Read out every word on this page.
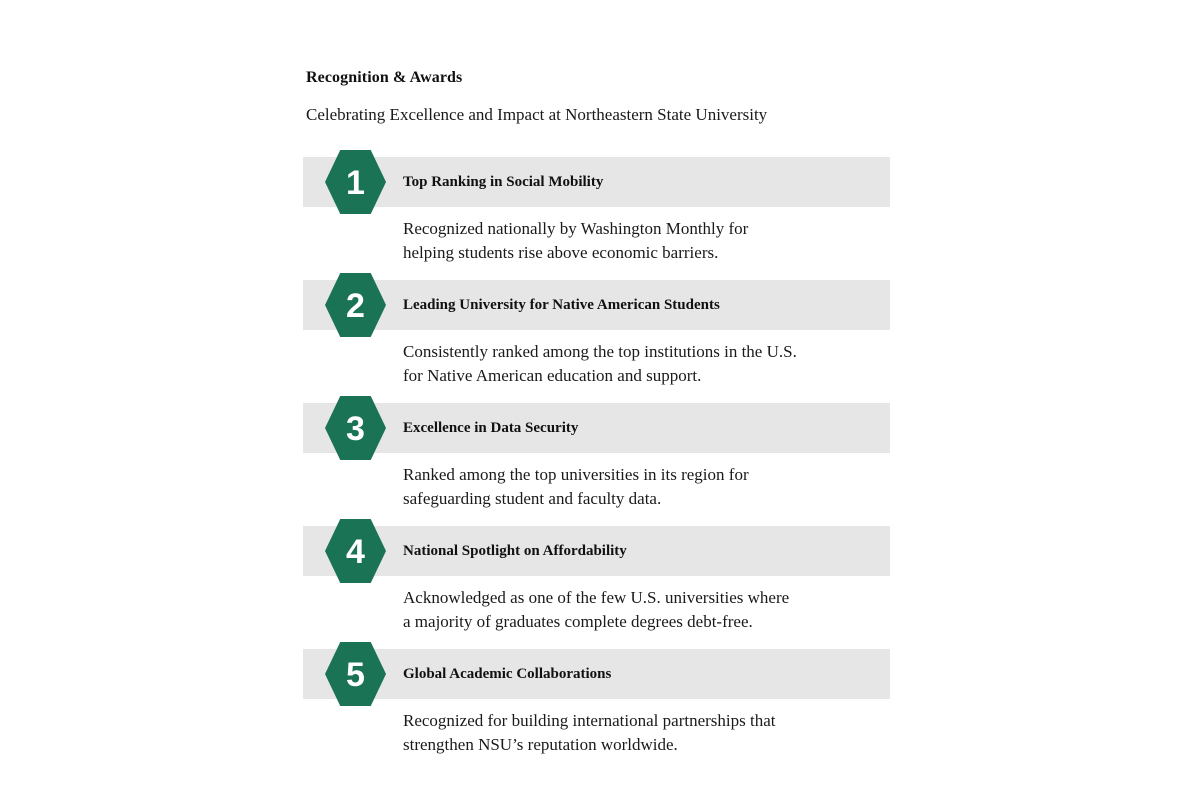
Recognition & Awards

Celebrating Excellence and Impact at Northeastern State University

1	Top Ranking in Social Mobility
Recognized nationally by Washington Monthly for
helping students rise above economic barriers.
2	Leading University for Native American Students
Consistently ranked among the top institutions in the U.S.
for Native American education and support.
3	Excellence in Data Security
Ranked among the top universities in its region for
safeguarding student and faculty data.
4	National Spotlight on Affordability
Acknowledged as one of the few U.S. universities where
a majority of graduates complete degrees debt-free.
5	Global Academic Collaborations
Recognized for building international partnerships that
strengthen NSU’s reputation worldwide.
